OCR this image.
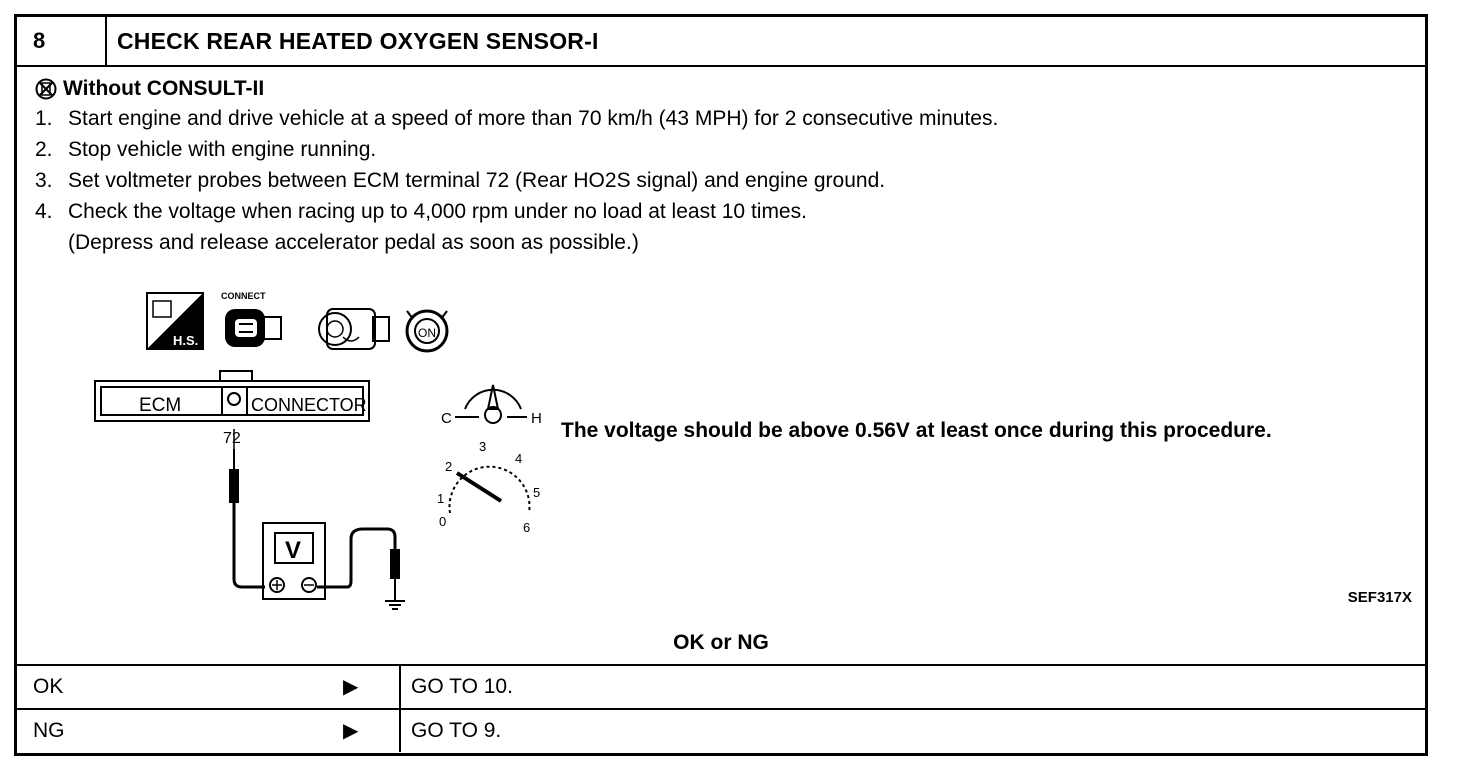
8	CHECK REAR HEATED OXYGEN SENSOR-I
Without CONSULT-II
1. Start engine and drive vehicle at a speed of more than 70 km/h (43 MPH) for 2 consecutive minutes.
2. Stop vehicle with engine running.
3. Set voltmeter probes between ECM terminal 72 (Rear HO2S signal) and engine ground.
4. Check the voltage when racing up to 4,000 rpm under no load at least 10 times.
(Depress and release accelerator pedal as soon as possible.)
H.S.
CONNECT
ON
ECM	CONNECTOR
72
V
C	H
0
1
2
3
4
5
6
The voltage should be above 0.56V at least once during this procedure.
SEF317X
OK or NG
OK	▶	GO TO 10.
NG	▶	GO TO 9.
